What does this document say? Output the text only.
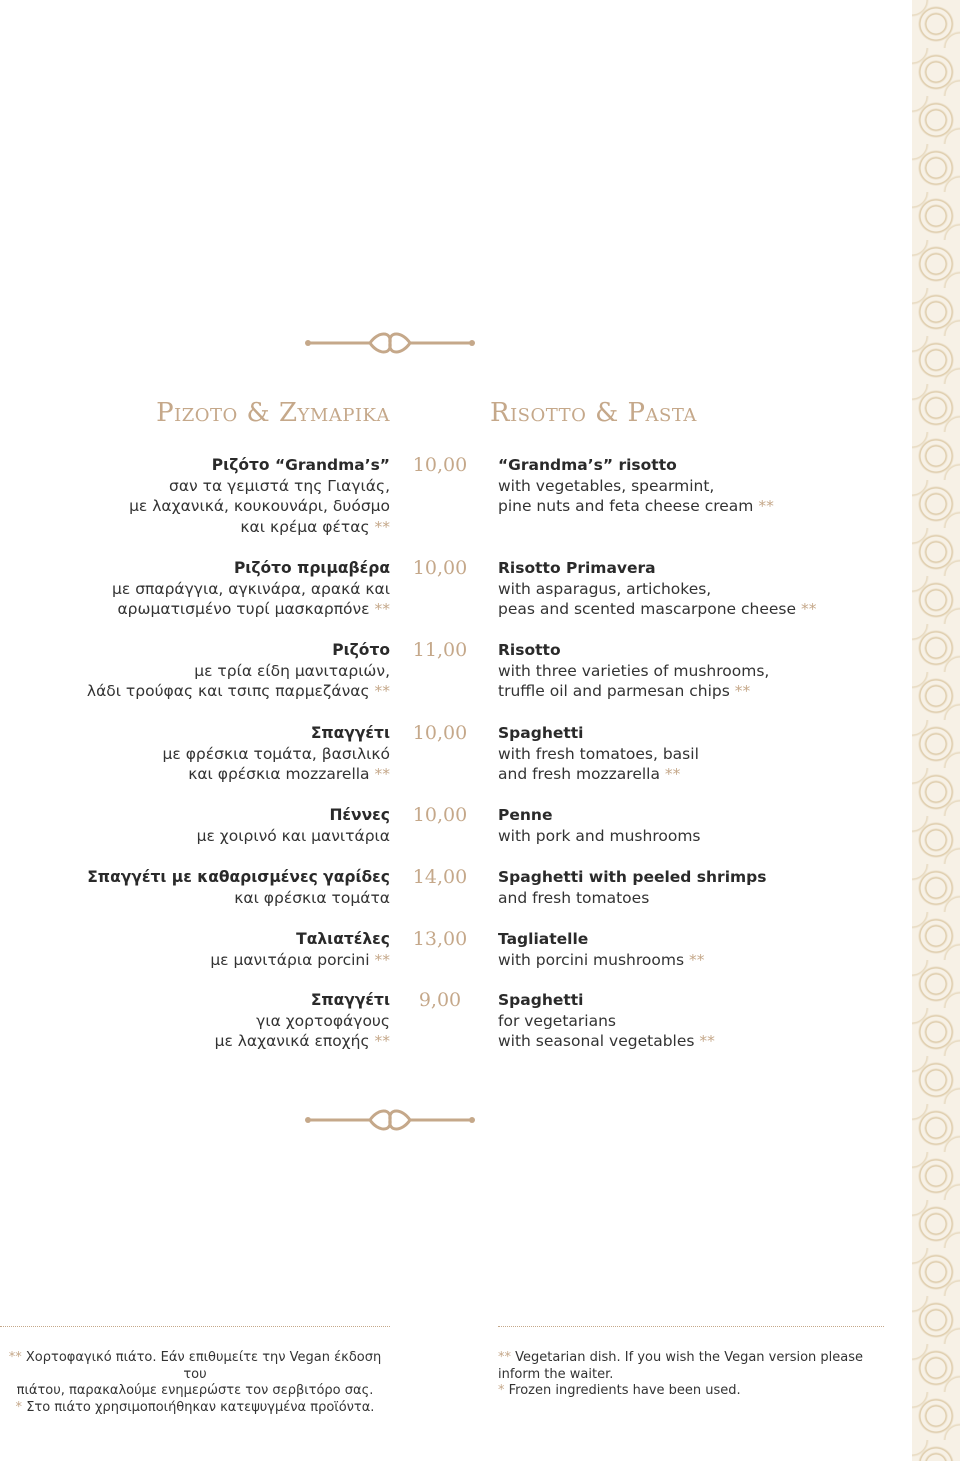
Ριζοτο & Ζυμαρικα	Risotto & Pasta
Ριζότο “Grandma’s”
σαν τα γεμιστά της Γιαγιάς,
με λαχανικά, κουκουνάρι, δυόσμο
και κρέμα φέτας **
Ριζότο πριμαβέρα
με σπαράγγια, αγκινάρα, αρακά και
αρωματισμένο τυρί μασκαρπόνε **
Ριζότο
με τρία είδη μανιταριών,
λάδι τρούφας και τσιπς παρμεζάνας **
Σπαγγέτι
με φρέσκια τομάτα, βασιλικό
και φρέσκια mozzarella **
Πέννες
με χοιρινό και μανιτάρια
Σπαγγέτι με καθαρισμένες γαρίδες
και φρέσκια τομάτα
Ταλιατέλες
με μανιτάρια porcini **
Σπαγγέτι
για χορτοφάγους
με λαχανικά εποχής **
10,00
10,00
11,00
10,00
10,00
14,00
13,00
9,00
“Grandma’s” risotto
with vegetables, spearmint,
pine nuts and feta cheese cream **
Risotto Primavera
with asparagus, artichokes,
peas and scented mascarpone cheese **
Risotto
with three varieties of mushrooms,
truffle oil and parmesan chips **
Spaghetti
with fresh tomatoes, basil
and fresh mozzarella **
Penne
with pork and mushrooms
Spaghetti with peeled shrimps
and fresh tomatoes
Tagliatelle
with porcini mushrooms **
Spaghetti
for vegetarians
with seasonal vegetables **
** Χορτοφαγικό πιάτο. Εάν επιθυμείτε την Vegan έκδοση του
πιάτου, παρακαλούμε ενημερώστε τον σερβιτόρο σας.
* Στο πιάτο χρησιμοποιήθηκαν κατεψυγμένα προϊόντα.
** Vegetarian dish. If you wish the Vegan version please
inform the waiter.
* Frozen ingredients have been used.
